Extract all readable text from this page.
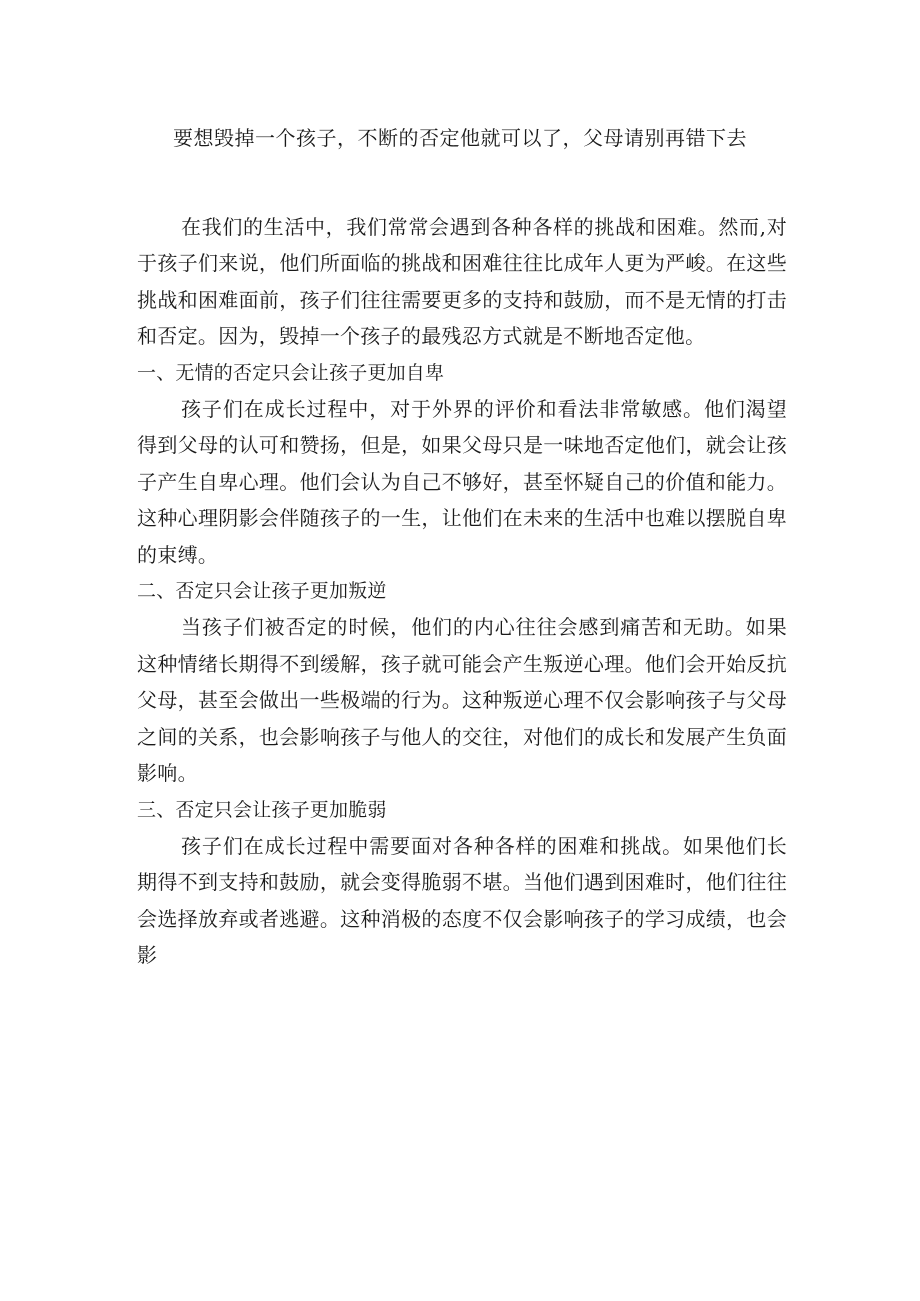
要想毁掉一个孩子，不断的否定他就可以了，父母请别再错下去

在我们的生活中，我们常常会遇到各种各样的挑战和困难。然而,对于孩子们来说，他们所面临的挑战和困难往往比成年人更为严峻。在这些挑战和困难面前，孩子们往往需要更多的支持和鼓励，而不是无情的打击和否定。因为，毁掉一个孩子的最残忍方式就是不断地否定他。

一、无情的否定只会让孩子更加自卑

孩子们在成长过程中，对于外界的评价和看法非常敏感。他们渴望得到父母的认可和赞扬，但是，如果父母只是一味地否定他们，就会让孩子产生自卑心理。他们会认为自己不够好，甚至怀疑自己的价值和能力。这种心理阴影会伴随孩子的一生，让他们在未来的生活中也难以摆脱自卑的束缚。

二、否定只会让孩子更加叛逆

当孩子们被否定的时候，他们的内心往往会感到痛苦和无助。如果这种情绪长期得不到缓解，孩子就可能会产生叛逆心理。他们会开始反抗父母，甚至会做出一些极端的行为。这种叛逆心理不仅会影响孩子与父母之间的关系，也会影响孩子与他人的交往，对他们的成长和发展产生负面影响。

三、否定只会让孩子更加脆弱

孩子们在成长过程中需要面对各种各样的困难和挑战。如果他们长期得不到支持和鼓励，就会变得脆弱不堪。当他们遇到困难时，他们往往会选择放弃或者逃避。这种消极的态度不仅会影响孩子的学习成绩，也会影
